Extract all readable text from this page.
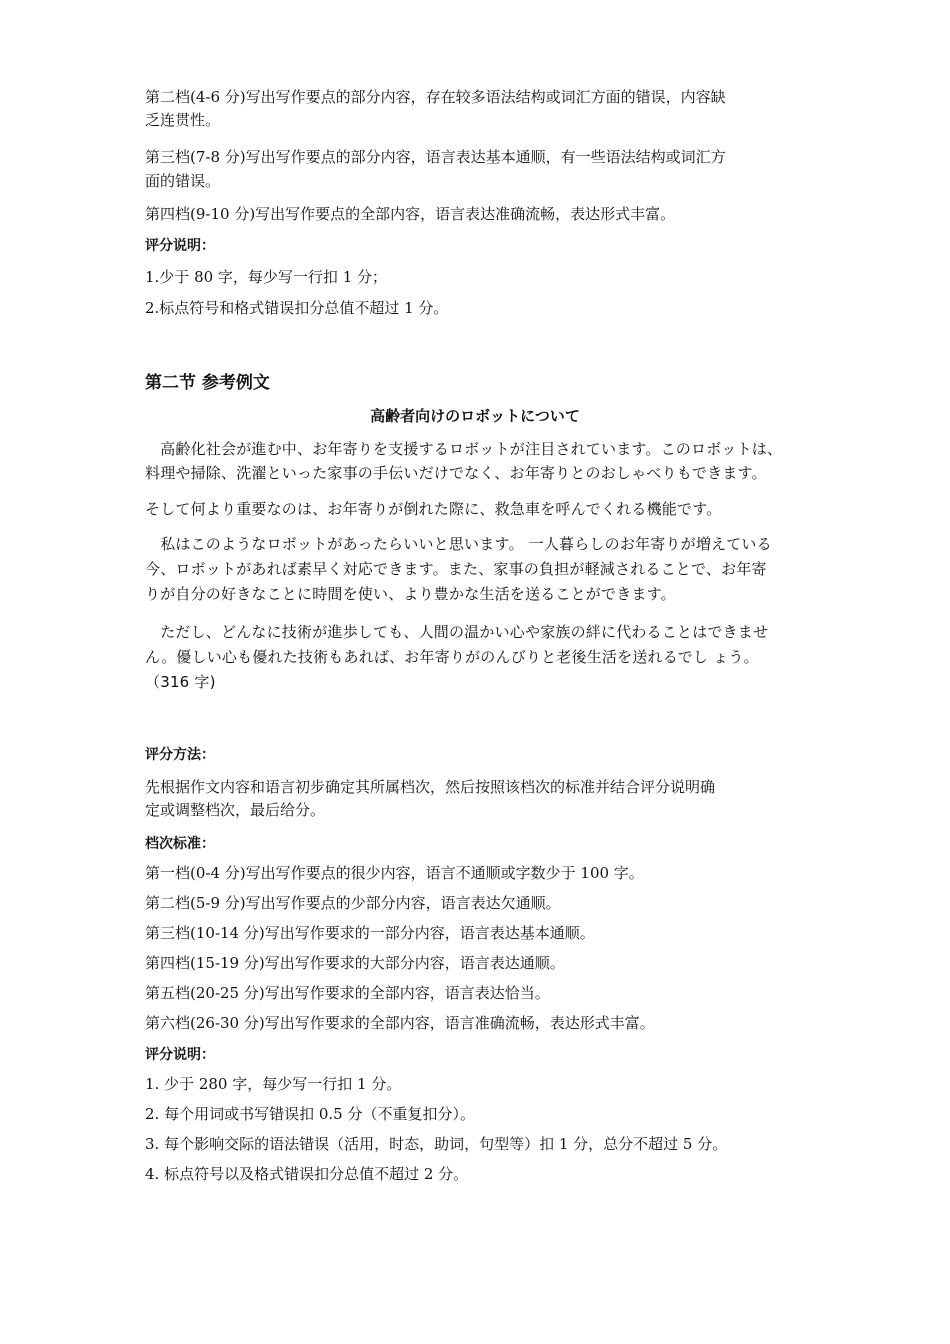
第二档(4-6 分)写出写作要点的部分内容，存在较多语法结构或词汇方面的错误，内容缺
乏连贯性。
第三档(7-8 分)写出写作要点的部分内容，语言表达基本通顺，有一些语法结构或词汇方
面的错误。
第四档(9-10 分)写出写作要点的全部内容，语言表达准确流畅，表达形式丰富。
评分说明：
1.少于 80 字，每少写一行扣 1 分；
2.标点符号和格式错误扣分总值不超过 1 分。
第二节 参考例文
高齢者向けのロボットについて
　高齢化社会が進む中、お年寄りを支援するロボットが注目されています。このロボットは、
料理や掃除、洗濯といった家事の手伝いだけでなく、お年寄りとのおしゃべりもできます。
そして何より重要なのは、お年寄りが倒れた際に、救急車を呼んでくれる機能です。
　私はこのようなロボットがあったらいいと思います。 一人暮らしのお年寄りが増えている
今、ロボットがあれば素早く対応できます。また、家事の負担が軽減されることで、お年寄
りが自分の好きなことに時間を使い、より豊かな生活を送ることができます。
　ただし、どんなに技術が進歩しても、人間の温かい心や家族の絆に代わることはできませ
ん。優しい心も優れた技術もあれば、お年寄りがのんびりと老後生活を送れるでし ょう。
（316 字)
评分方法：
先根据作文内容和语言初步确定其所属档次，然后按照该档次的标准并结合评分说明确
定或调整档次，最后给分。
档次标准：
第一档(0-4 分)写出写作要点的很少内容，语言不通顺或字数少于 100 字。
第二档(5-9 分)写出写作要点的少部分内容，语言表达欠通顺。
第三档(10-14 分)写出写作要求的一部分内容，语言表达基本通顺。
第四档(15-19 分)写出写作要求的大部分内容，语言表达通顺。
第五档(20-25 分)写出写作要求的全部内容，语言表达恰当。
第六档(26-30 分)写出写作要求的全部内容，语言准确流畅，表达形式丰富。
评分说明：
1. 少于 280 字，每少写一行扣 1 分。
2. 每个用词或书写错误扣 0.5 分（不重复扣分）。
3. 每个影响交际的语法错误（活用，时态，助词，句型等）扣 1 分，总分不超过 5 分。
4. 标点符号以及格式错误扣分总值不超过 2 分。
